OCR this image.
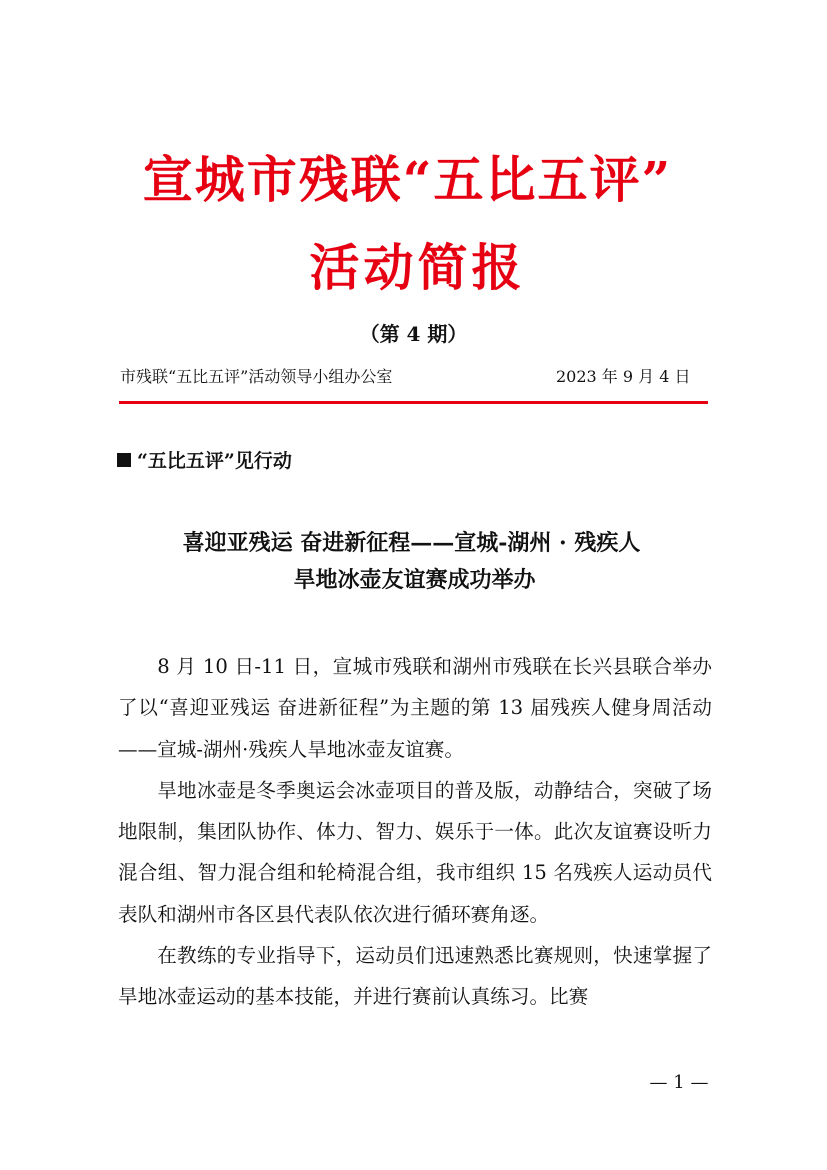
宣城市残联“五比五评”
活动简报
（第 4 期）
市残联“五比五评”活动领导小组办公室	2023 年 9 月 4 日
“五比五评”见行动
喜迎亚残运 奋进新征程——宣城-湖州 · 残疾人
旱地冰壶友谊赛成功举办

8 月 10 日-11 日，宣城市残联和湖州市残联在长兴县联合举办了以“喜迎亚残运 奋进新征程”为主题的第 13 届残疾人健身周活动——宣城-湖州·残疾人旱地冰壶友谊赛。

旱地冰壶是冬季奥运会冰壶项目的普及版，动静结合，突破了场地限制，集团队协作、体力、智力、娱乐于一体。此次友谊赛设听力混合组、智力混合组和轮椅混合组，我市组织 15 名残疾人运动员代表队和湖州市各区县代表队依次进行循环赛角逐。

在教练的专业指导下，运动员们迅速熟悉比赛规则，快速掌握了旱地冰壶运动的基本技能，并进行赛前认真练习。比赛

— 1 —
